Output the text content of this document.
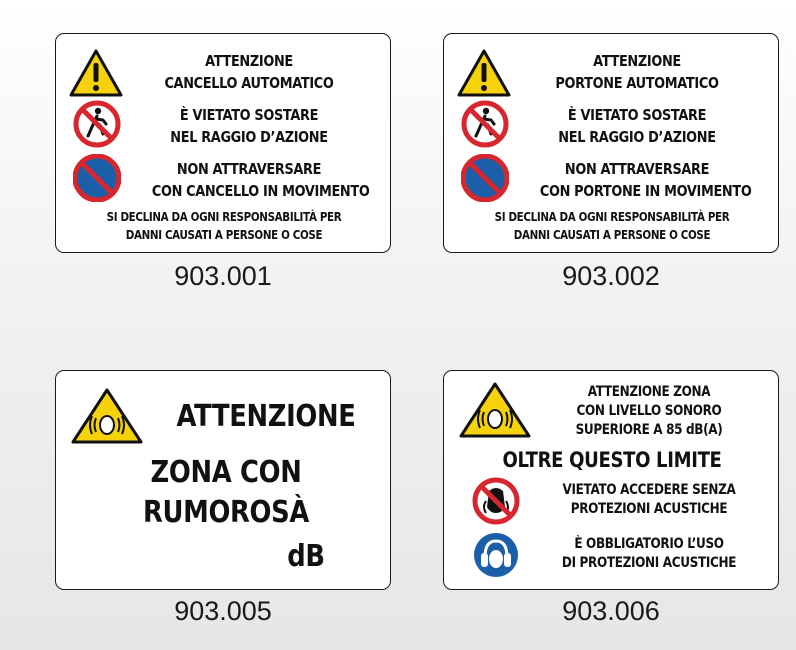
ATTENZIONE
CANCELLO AUTOMATICO
È VIETATO SOSTARE
NEL RAGGIO D’AZIONE
NON ATTRAVERSARE
CON CANCELLO IN MOVIMENTO
SI DECLINA DA OGNI RESPONSABILITÀ PER
DANNI CAUSATI A PERSONE O COSE
903.001
ATTENZIONE
PORTONE AUTOMATICO
È VIETATO SOSTARE
NEL RAGGIO D’AZIONE
NON ATTRAVERSARE
CON PORTONE IN MOVIMENTO
SI DECLINA DA OGNI RESPONSABILITÀ PER
DANNI CAUSATI A PERSONE O COSE
903.002
ATTENZIONE
ZONA CON
RUMOROSÀ
dB
903.005
ATTENZIONE ZONA
CON LIVELLO SONORO
SUPERIORE A 85 dB(A)
OLTRE QUESTO LIMITE
VIETATO ACCEDERE SENZA
PROTEZIONI ACUSTICHE
È OBBLIGATORIO L’USO
DI PROTEZIONI ACUSTICHE
903.006
